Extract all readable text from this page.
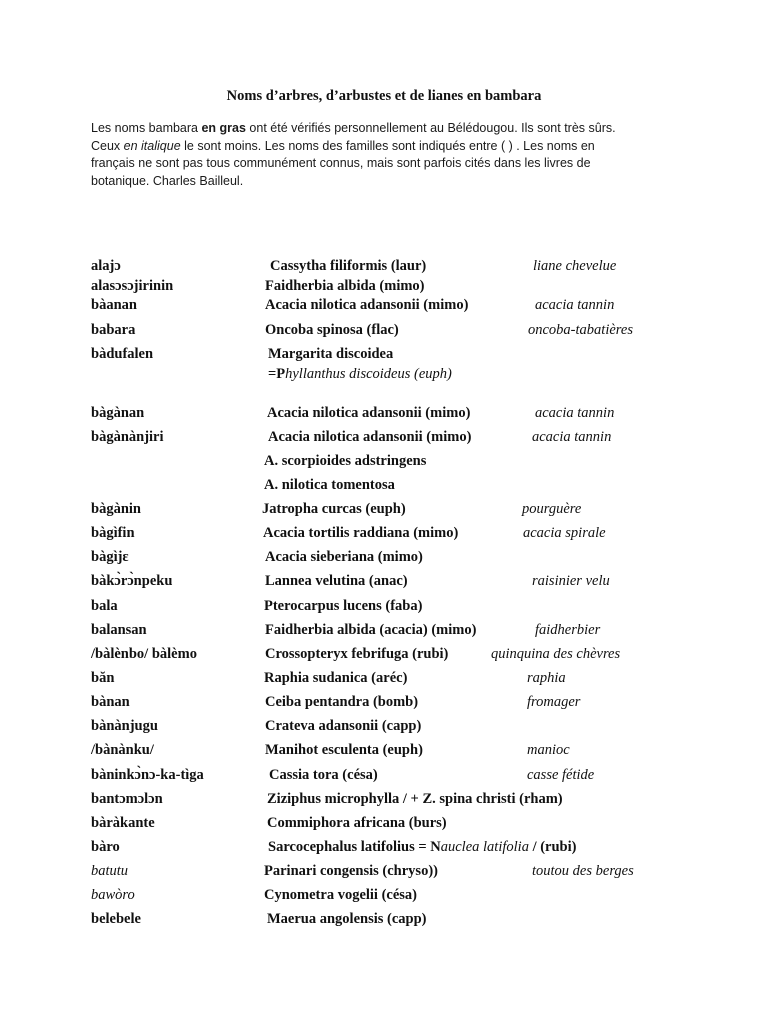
Noms d’arbres, d’arbustes et de lianes en bambara
Les noms bambara en gras ont été vérifiés personnellement au Bélédougou. Ils sont très sûrs.
Ceux en italique le sont moins. Les noms des familles sont indiqués entre ( ) . Les noms en
français ne sont pas tous communément connus, mais sont parfois cités dans les livres de
botanique. Charles Bailleul.
alajɔ	Cassytha filiformis (laur)	liane chevelue
alasɔsɔjirinin	Faidherbia albida (mimo)
bàanan	Acacia nilotica adansonii (mimo)	acacia tannin
babara	Oncoba spinosa (flac)	oncoba-tabatières
bàdufalen	Margarita discoidea
=Phyllanthus discoideus (euph)
bàgànan	Acacia nilotica adansonii (mimo)	acacia tannin
bàgànànjiri	Acacia nilotica adansonii (mimo)	acacia tannin
A. scorpioides adstringens
A. nilotica tomentosa
bàgànin	Jatropha curcas (euph)	pourguère
bàgìfin	Acacia tortilis raddiana (mimo)	acacia spirale
bàgìjɛ	Acacia sieberiana (mimo)
bàkɔ̀rɔ̀npeku	Lannea velutina (anac)	raisinier velu
bala	Pterocarpus lucens (faba)
balansan	Faidherbia albida (acacia) (mimo)	faidherbier
/bàlènbo/ bàlèmo	Crossopteryx febrifuga (rubi)	quinquina des chèvres
băn	Raphia sudanica (aréc)	raphia
bànan	Ceiba pentandra (bomb)	fromager
bànànjugu	Crateva adansonii (capp)
/bànànku/	Manihot esculenta (euph)	manioc
bàninkɔ̀nɔ-ka-tìga	Cassia tora (césa)	casse fétide
bantɔmɔlɔn	Ziziphus microphylla / + Z. spina christi (rham)
bàràkante	Commiphora africana (burs)
bàro	Sarcocephalus latifolius = Nauclea latifolia / (rubi)
batutu	Parinari congensis (chryso))	toutou des berges
bawòro	Cynometra vogelii (césa)
belebele	Maerua angolensis (capp)
